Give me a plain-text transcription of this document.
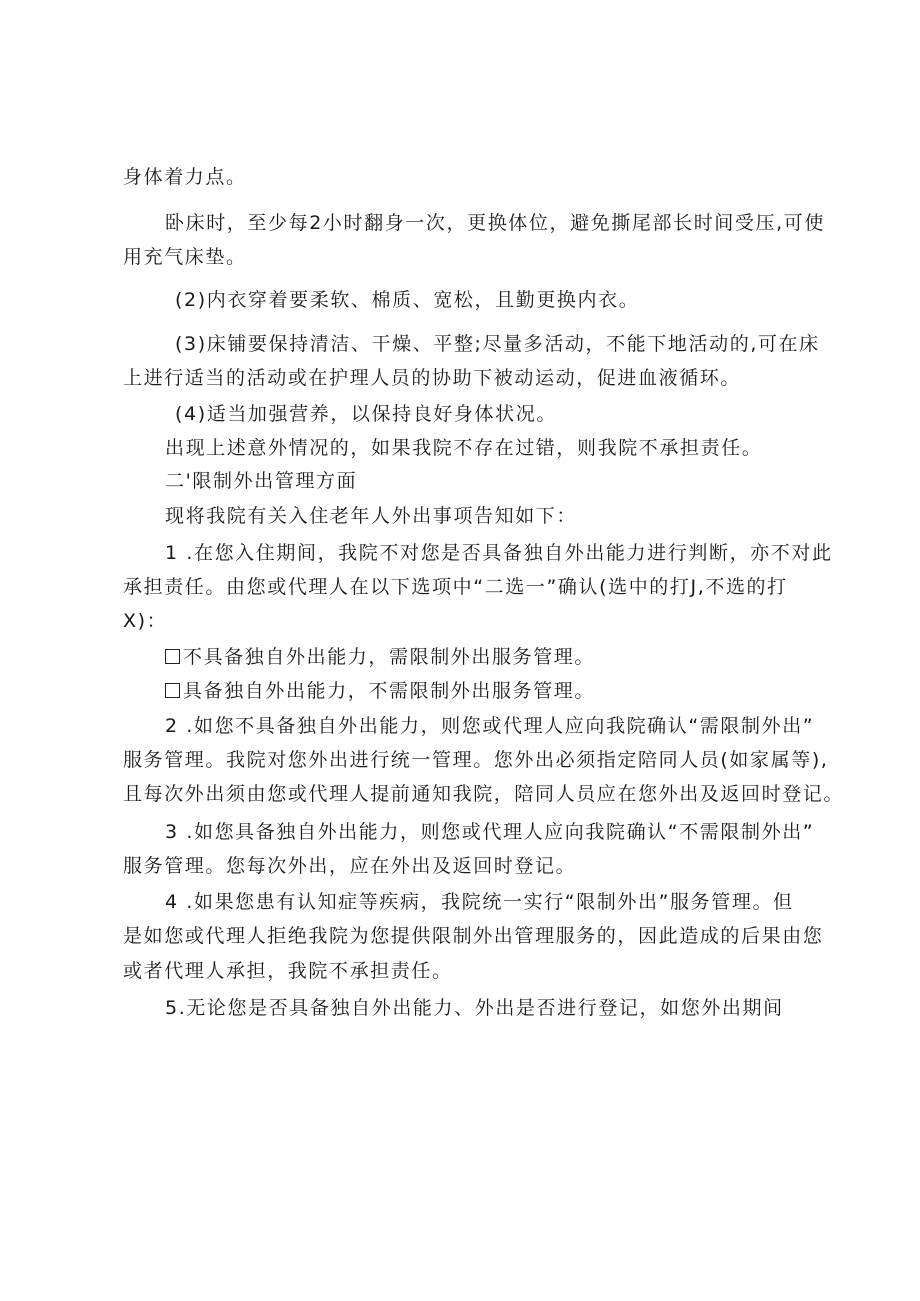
身体着力点。
卧床时，至少每2小时翻身一次，更换体位，避免撕尾部长时间受压,可使
用充气床垫。
(2)内衣穿着要柔软、棉质、宽松，且勤更换内衣。
(3)床铺要保持清洁、干燥、平整;尽量多活动，不能下地活动的,可在床
上进行适当的活动或在护理人员的协助下被动运动，促进血液循环。
(4)适当加强营养，以保持良好身体状况。
出现上述意外情况的，如果我院不存在过错，则我院不承担责任。
二'限制外出管理方面
现将我院有关入住老年人外出事项告知如下：
1 .在您入住期间，我院不对您是否具备独自外出能力进行判断，亦不对此
承担责任。由您或代理人在以下选项中“二选一”确认(选中的打J,不选的打
X)：
不具备独自外出能力，需限制外出服务管理。
具备独自外出能力，不需限制外出服务管理。
2 .如您不具备独自外出能力，则您或代理人应向我院确认“需限制外出”
服务管理。我院对您外出进行统一管理。您外出必须指定陪同人员(如家属等),
且每次外出须由您或代理人提前通知我院，陪同人员应在您外出及返回时登记。
3 .如您具备独自外出能力，则您或代理人应向我院确认“不需限制外出”
服务管理。您每次外出，应在外出及返回时登记。
4 .如果您患有认知症等疾病，我院统一实行“限制外出”服务管理。但
是如您或代理人拒绝我院为您提供限制外出管理服务的，因此造成的后果由您
或者代理人承担，我院不承担责任。
5.无论您是否具备独自外出能力、外出是否进行登记，如您外出期间
